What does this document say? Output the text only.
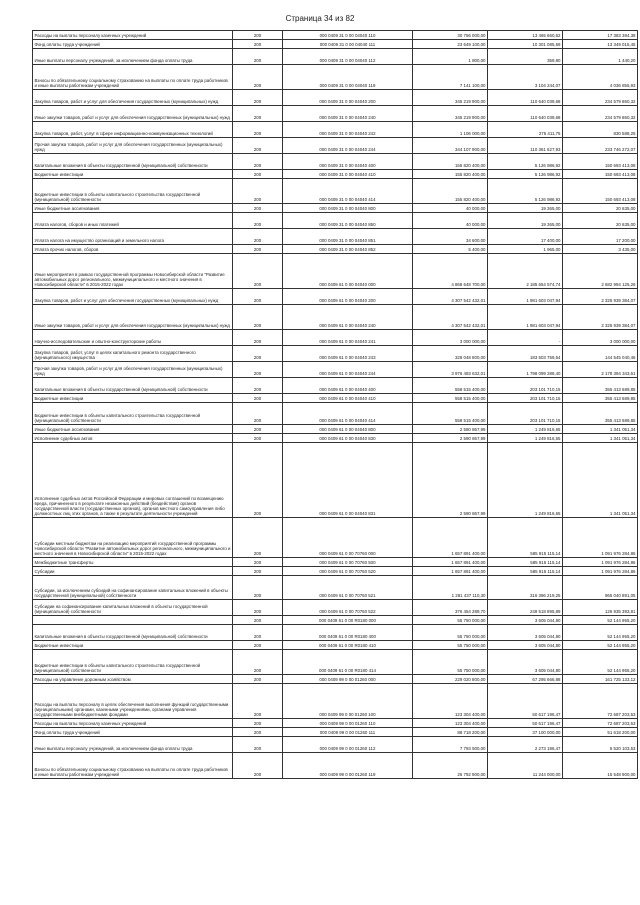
Страница 34 из 82
Расходы на выплаты персоналу казенных учреждений	200	000 0409 31 0 00 04040 110	30 756 000,00	13 465 660,62	17 383 384,38
Фонд оплаты труда учреждений	200	000 0409 31 0 00 04040 111	23 649 100,00	10 301 085,59	13 349 015,45
Иные выплаты персоналу учреждений, за исключением фонда оплаты труда	200	000 0409 31 0 00 04040 112	1 800,00	359,80	1 440,20
Взносы по обязательному социальному страхованию на выплаты по оплате труда работников и иные выплаты работникам учреждений	200	000 0409 31 0 00 04040 119	7 141 100,00	3 104 244,07	4 036 855,93
Закупка товаров, работ и услуг для обеспечения государственных (муниципальных) нужд	200	000 0409 31 0 00 04040 200	345 219 900,00	110 640 039,68	234 579 860,32
Иные закупки товаров, работ и услуг для обеспечения государственных (муниципальных) нужд	200	000 0409 31 0 00 04040 240	345 219 900,00	110 640 039,68	234 579 860,32
Закупка товаров, работ, услуг в сфере информационно-коммуникационных технологий	200	000 0409 31 0 00 04040 242	1 106 000,00	275 411,75	830 588,25
Прочая закупка товаров, работ и услуг для обеспечения государственных (муниципальных) нужд	200	000 0409 31 0 00 04040 244	344 107 900,00	110 361 627,93	233 746 272,07
Капитальные вложения в объекты государственной (муниципальной) собственности	200	000 0409 31 0 00 04040 400	155 820 400,00	5 126 986,92	150 693 413,08
Бюджетные инвестиции	200	000 0409 31 0 00 04040 410	155 820 400,00	5 126 986,92	150 693 413,08
Бюджетные инвестиции в объекты капитального строительства государственной (муниципальной) собственности	200	000 0409 31 0 00 04040 414	155 820 400,00	5 126 986,92	150 693 413,08
Иные бюджетные ассигнования	200	000 0409 31 0 00 04040 800	40 000,00	19 365,00	20 635,00
Уплата налогов, сборов и иных платежей	200	000 0409 31 0 00 04040 850	40 000,00	19 365,00	20 635,00
Уплата налога на имущество организаций и земельного налога	200	000 0409 31 0 00 04040 851	34 600,00	17 400,00	17 200,00
Уплата прочих налогов, сборов	200	000 0409 31 0 00 04040 852	5 400,00	1 965,00	3 435,00
Иные мероприятия в рамках государственной программы Новосибирской области "Развитие автомобильных дорог регионального, межмуниципального и местного значения в Новосибирской области" в 2015-2022 годах	200	000 0409 61 0 00 04040 000	4 868 648 700,00	2 185 654 574,74	2 682 994 125,26
Закупка товаров, работ и услуг для обеспечения государственных (муниципальных) нужд	200	000 0409 61 0 00 04040 200	4 307 542 432,01	1 981 603 047,94	2 325 939 384,07
Иные закупки товаров, работ и услуг для обеспечения государственных (муниципальных) нужд	200	000 0409 61 0 00 04040 240	4 307 542 432,01	1 981 603 047,94	2 325 939 384,07
Научно-исследовательские и опытно-конструкторские работы	200	000 0409 61 0 00 04040 241	3 000 000,00	-	3 000 000,00
Закупка товаров, работ, услуг в целях капитального ремонта государственного (муниципального) имущества	200	000 0409 61 0 00 04040 243	328 048 800,00	183 503 759,54	144 545 040,46
Прочая закупка товаров, работ и услуг для обеспечения государственных (муниципальных) нужд	200	000 0409 61 0 00 04040 244	3 976 493 632,01	1 798 099 288,40	2 178 394 343,61
Капитальные вложения в объекты государственной (муниципальной) собственности	200	000 0409 61 0 00 04040 400	558 515 400,00	203 101 710,15	355 413 689,85
Бюджетные инвестиции	200	000 0409 61 0 00 04040 410	558 515 400,00	203 101 710,15	355 413 689,85
Бюджетные инвестиции в объекты капитального строительства государственной (муниципальной) собственности	200	000 0409 61 0 00 04040 414	558 515 400,00	203 101 710,15	355 413 689,85
Иные бюджетные ассигнования	200	000 0409 61 0 00 04040 800	2 590 867,99	1 249 816,65	1 341 051,34
Исполнение судебных актов	200	000 0409 61 0 00 04040 830	2 590 867,99	1 249 816,65	1 341 051,34
Исполнение судебных актов Российской Федерации и мировых соглашений по возмещению вреда, причиненного в результате незаконных действий (бездействия) органов государственной власти (государственных органов), органов местного самоуправления либо должностных лиц этих органов, а также в результате деятельности учреждений	200	000 0409 61 0 00 04040 831	2 590 867,99	1 249 816,65	1 341 051,34
Субсидии местным бюджетам на реализацию мероприятий государственной программы Новосибирской области "Развитие автомобильных дорог регионального, межмуниципального и местного значения в Новосибирской области" в 2015-2022 годах	200	000 0409 61 0 00 70760 000	1 657 891 400,00	585 915 115,14	1 091 976 284,86
Межбюджетные трансферты	200	000 0409 61 0 00 70760 500	1 657 891 400,00	585 915 115,14	1 091 976 284,86
Субсидии	200	000 0409 61 0 00 70760 520	1 657 891 400,00	585 915 115,14	1 091 976 284,86
Субсидии, за исключением субсидий на софинансирование капитальных вложений в объекты государственной (муниципальной) собственности	200	000 0409 61 0 00 70760 521	1 281 437 110,30	316 396 219,25	965 040 891,05
Субсидии на софинансирование капитальных вложений в объекты государственной (муниципальной) собственности	200	000 0409 61 0 00 70760 522	376 454 289,70	249 518 895,89	126 935 393,81
	200	000 0409 61 0 00 R0180 000	55 750 000,00	3 605 044,80	52 144 955,20
Капитальные вложения в объекты государственной (муниципальной) собственности	200	000 0409 61 0 00 R0180 400	55 750 000,00	3 605 044,80	52 144 955,20
Бюджетные инвестиции	200	000 0409 61 0 00 R0180 410	55 750 000,00	3 605 044,80	52 144 955,20
Бюджетные инвестиции в объекты капитального строительства государственной (муниципальной) собственности	200	000 0409 61 0 00 R0180 414	55 750 000,00	3 605 044,80	52 144 955,20
Расходы на управление дорожным хозяйством	200	000 0409 99 0 00 01260 000	229 020 800,00	67 295 666,88	161 725 133,12
Расходы на выплаты персоналу в целях обеспечения выполнения функций государственными (муниципальными) органами, казенными учреждениями, органами управления государственными внебюджетными фондами	200	000 0409 99 0 00 01260 100	123 304 400,00	50 617 196,47	72 687 203,53
Расходы на выплаты персоналу казенных учреждений	200	000 0409 99 0 00 01260 110	123 304 400,00	50 617 196,47	72 687 203,53
Фонд оплаты труда учреждений	200	000 0409 99 0 00 01260 111	88 718 200,00	37 100 000,00	51 618 200,00
Иные выплаты персоналу учреждений, за исключением фонда оплаты труда	200	000 0409 99 0 00 01260 112	7 793 500,00	2 273 196,47	5 520 103,53
Взносы по обязательному социальному страхованию на выплаты по оплате труда работников и иные выплаты работникам учреждений	200	000 0409 99 0 00 01260 119	26 792 900,00	11 244 000,00	15 548 900,00
